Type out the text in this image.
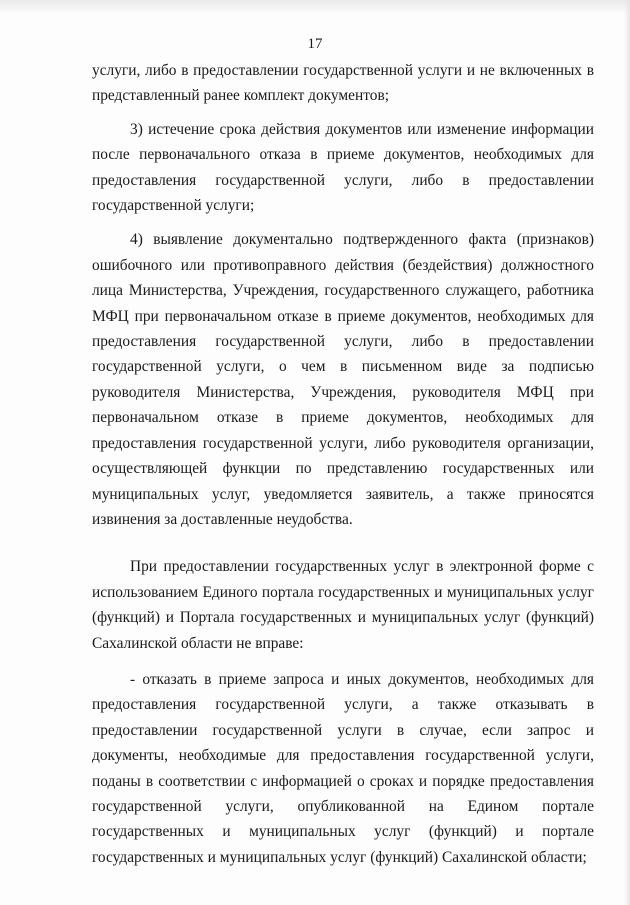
17

услуги, либо в предоставлении государственной услуги и не включенных в представленный ранее комплект документов;

3) истечение срока действия документов или изменение информации после первоначального отказа в приеме документов, необходимых для предоставления государственной услуги, либо в предоставлении государственной услуги;

4) выявление документально подтвержденного факта (признаков) ошибочного или противоправного действия (бездействия) должностного лица Министерства, Учреждения, государственного служащего, работника МФЦ при первоначальном отказе в приеме документов, необходимых для предоставления государственной услуги, либо в предоставлении государственной услуги, о чем в письменном виде за подписью руководителя Министерства, Учреждения, руководителя МФЦ при первоначальном отказе в приеме документов, необходимых для предоставления государственной услуги, либо руководителя организации, осуществляющей функции по представлению государственных или муниципальных услуг, уведомляется заявитель, а также приносятся извинения за доставленные неудобства.

При предоставлении государственных услуг в электронной форме с использованием Единого портала государственных и муниципальных услуг (функций) и Портала государственных и муниципальных услуг (функций) Сахалинской области не вправе:

- отказать в приеме запроса и иных документов, необходимых для предоставления государственной услуги, а также отказывать в предоставлении государственной услуги в случае, если запрос и документы, необходимые для предоставления государственной услуги, поданы в соответствии с информацией о сроках и порядке предоставления государственной услуги, опубликованной на Едином портале государственных и муниципальных услуг (функций) и портале государственных и муниципальных услуг (функций) Сахалинской области;
